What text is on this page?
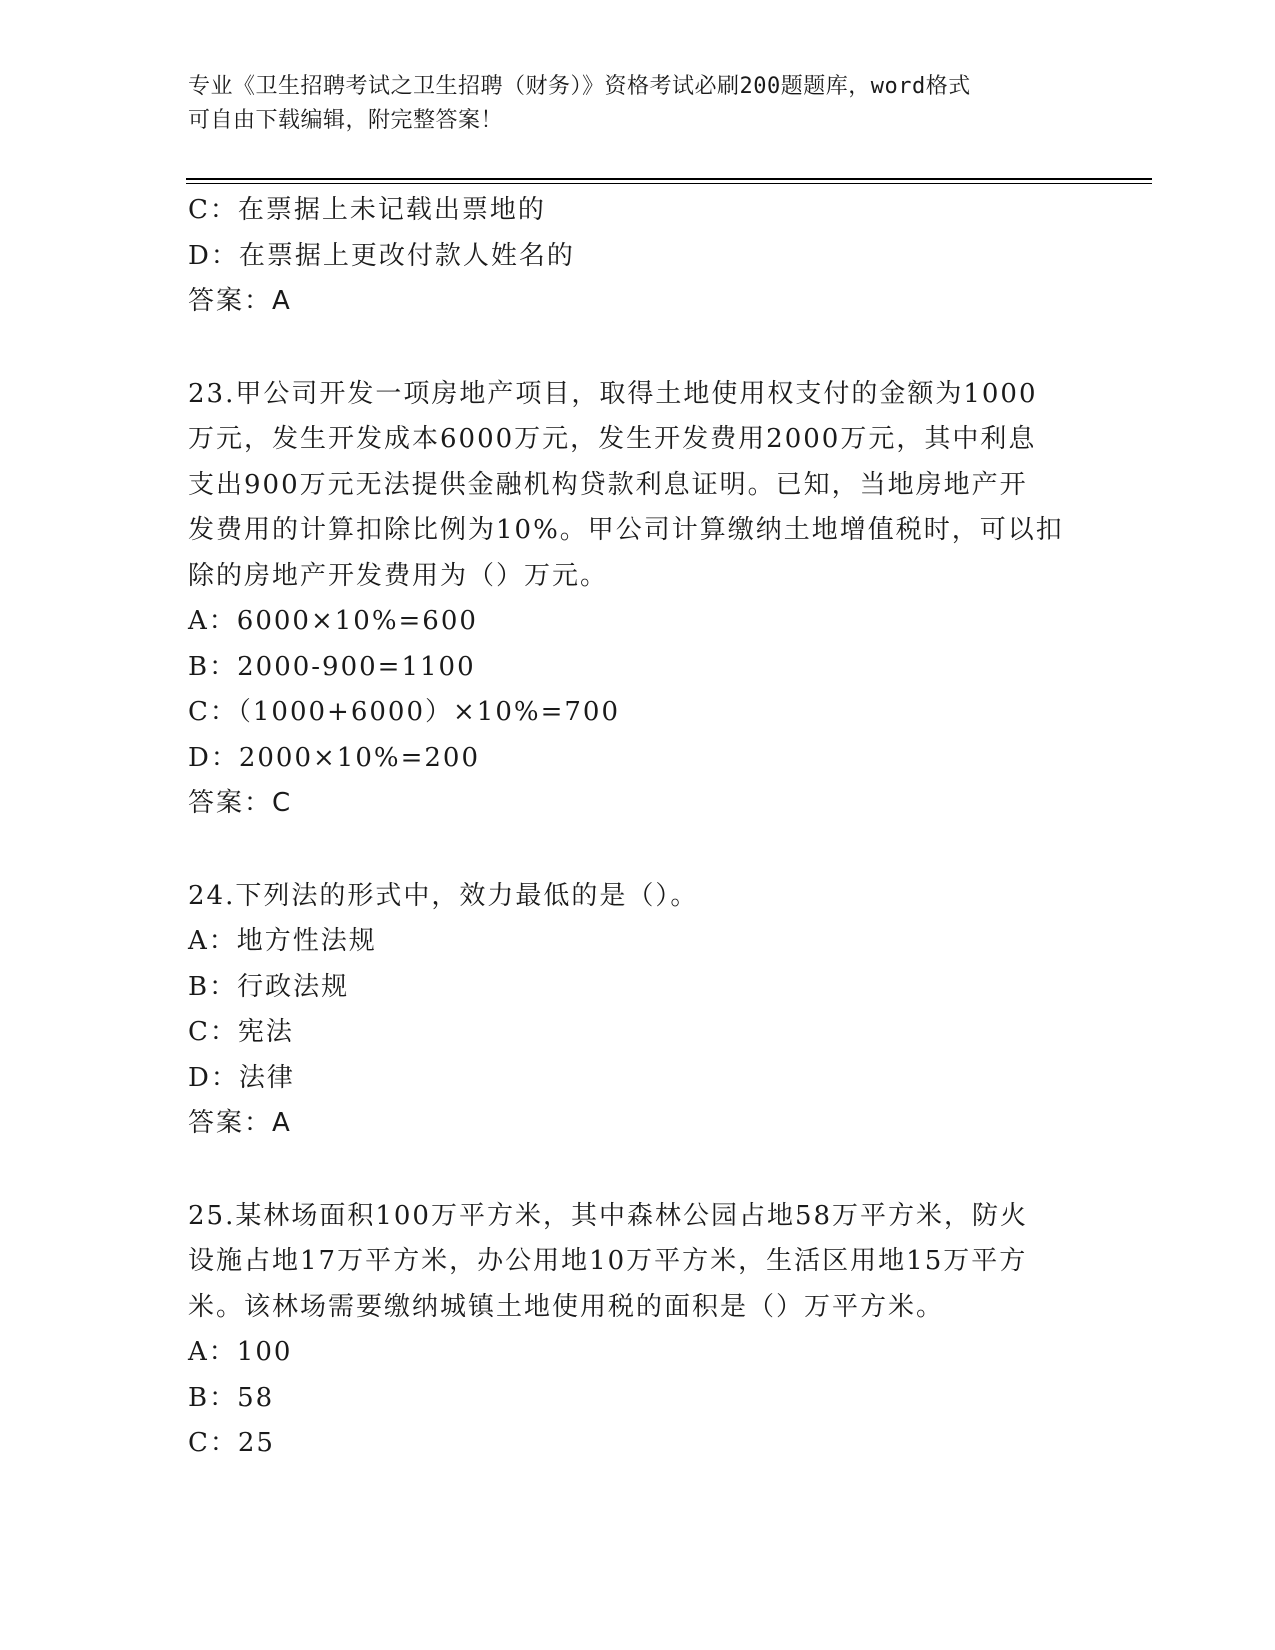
专业《卫生招聘考试之卫生招聘（财务）》资格考试必刷200题题库，word格式
可自由下载编辑，附完整答案！
C：在票据上未记载出票地的
D：在票据上更改付款人姓名的
答案：A
23.甲公司开发一项房地产项目，取得土地使用权支付的金额为1000
万元，发生开发成本6000万元，发生开发费用2000万元，其中利息
支出900万元无法提供金融机构贷款利息证明。已知，当地房地产开
发费用的计算扣除比例为10%。甲公司计算缴纳土地增值税时，可以扣
除的房地产开发费用为（）万元。
A：6000×10%=600
B：2000-900=1100
C：（1000+6000）×10%=700
D：2000×10%=200
答案：C
24.下列法的形式中，效力最低的是（）。
A：地方性法规
B：行政法规
C：宪法
D：法律
答案：A
25.某林场面积100万平方米，其中森林公园占地58万平方米，防火
设施占地17万平方米，办公用地10万平方米，生活区用地15万平方
米。该林场需要缴纳城镇土地使用税的面积是（）万平方米。
A：100
B：58
C：25
